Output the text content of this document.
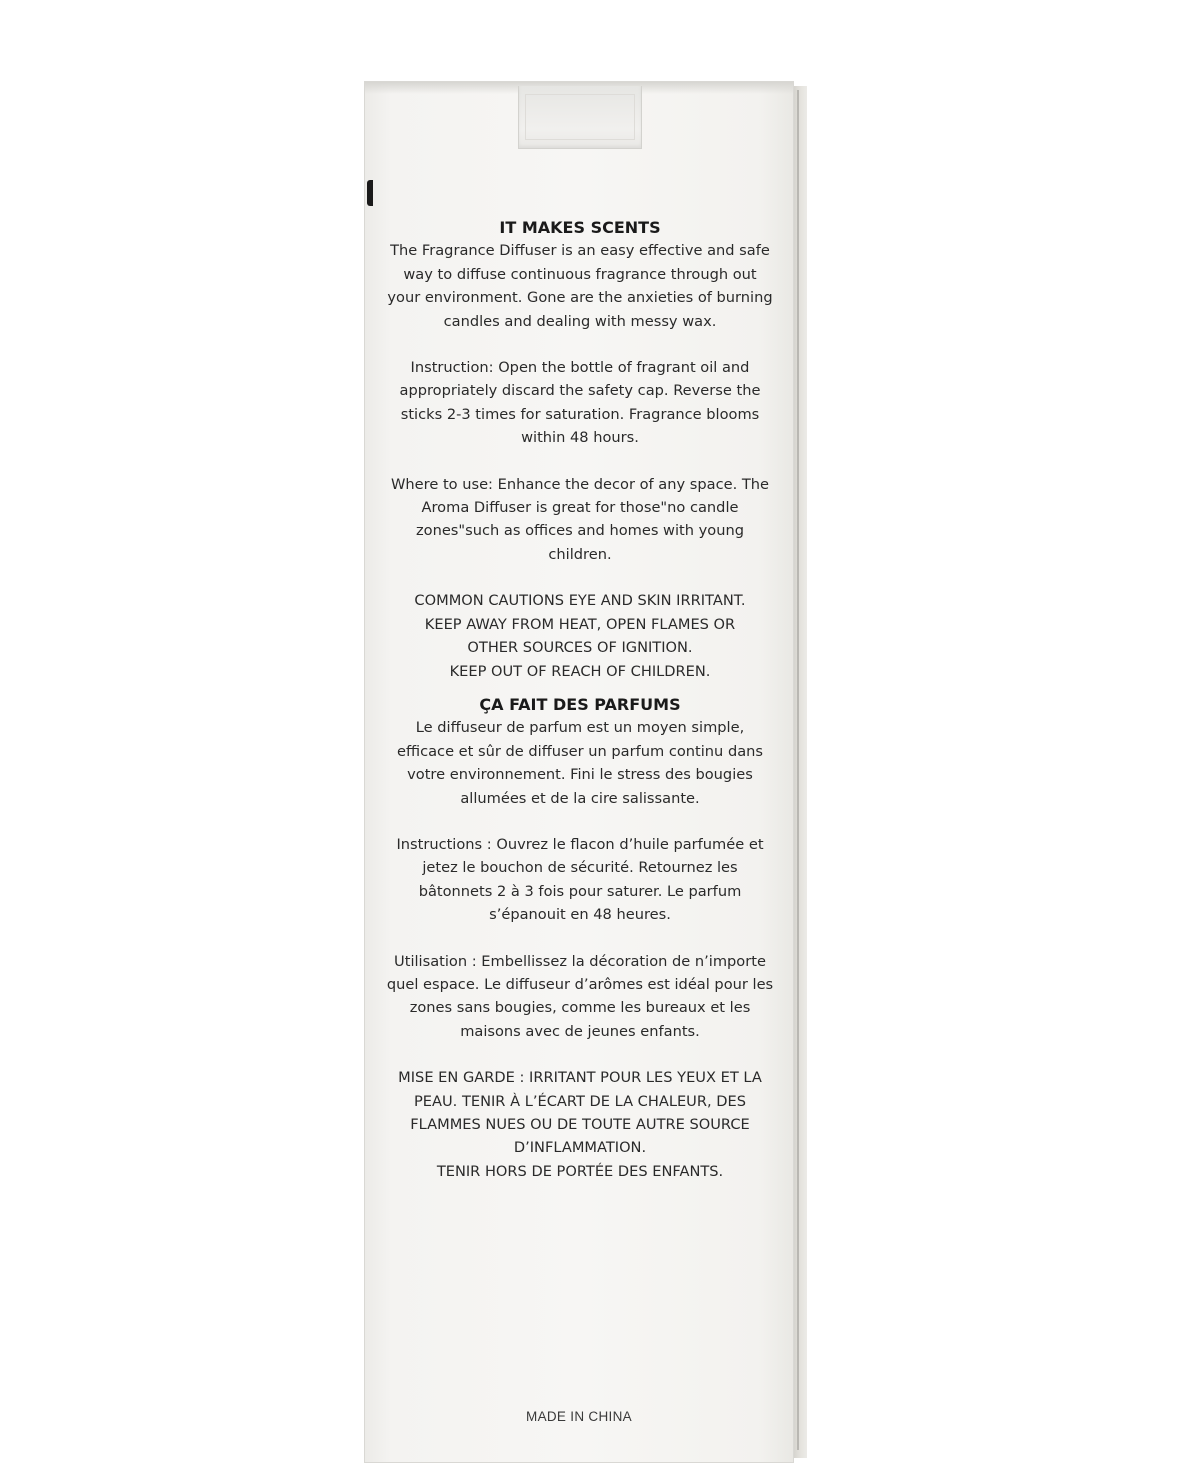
IT MAKES SCENTS

The Fragrance Diffuser is an easy effective and safe way to diffuse continuous fragrance through out your environment. Gone are the anxieties of burning candles and dealing with messy wax.

Instruction: Open the bottle of fragrant oil and appropriately discard the safety cap. Reverse the sticks 2-3 times for saturation. Fragrance blooms within 48 hours.

Where to use: Enhance the decor of any space. The Aroma Diffuser is great for those"no candle zones"such as offices and homes with young children.

COMMON CAUTIONS EYE AND SKIN IRRITANT.
KEEP AWAY FROM HEAT, OPEN FLAMES OR
OTHER SOURCES OF IGNITION.
KEEP OUT OF REACH OF CHILDREN.

ÇA FAIT DES PARFUMS

Le diffuseur de parfum est un moyen simple, efficace et sûr de diffuser un parfum continu dans votre environnement. Fini le stress des bougies allumées et de la cire salissante.

Instructions : Ouvrez le flacon d’huile parfumée et jetez le bouchon de sécurité. Retournez les bâtonnets 2 à 3 fois pour saturer. Le parfum s’épanouit en 48 heures.

Utilisation : Embellissez la décoration de n’importe quel espace. Le diffuseur d’arômes est idéal pour les zones sans bougies, comme les bureaux et les maisons avec de jeunes enfants.

MISE EN GARDE : IRRITANT POUR LES YEUX ET LA
PEAU. TENIR À L’ÉCART DE LA CHALEUR, DES
FLAMMES NUES OU DE TOUTE AUTRE SOURCE
D’INFLAMMATION.
TENIR HORS DE PORTÉE DES ENFANTS.
MADE IN CHINA
